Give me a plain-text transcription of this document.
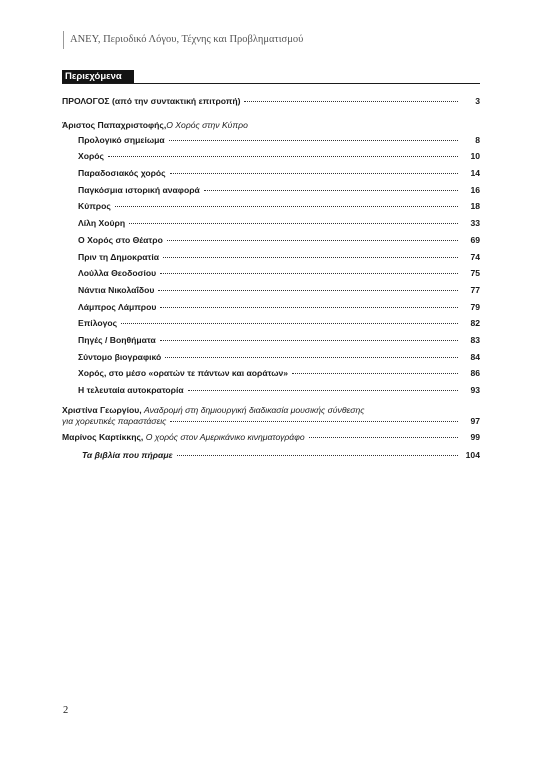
ΑΝΕΥ, Περιοδικό Λόγου, Τέχνης και Προβληματισμού
Περιεχόμενα
ΠΡΟΛΟΓΟΣ (από την συντακτική επιτροπή)	3
Άριστος Παπαχριστοφής, Ο Χορός στην Κύπρο
Προλογικό σημείωμα	8
Χορός	10
Παραδοσιακός χορός	14
Παγκόσμια ιστορική αναφορά	16
Κύπρος	18
Λίλη Χούρη	33
Ο Χορός στο Θέατρο	69
Πριν τη Δημοκρατία	74
Λούλλα Θεοδοσίου	75
Νάντια Νικολαΐδου	77
Λάμπρος Λάμπρου	79
Επίλογος	82
Πηγές / Βοηθήματα	83
Σύντομο βιογραφικό	84
Χορός, στο μέσο «ορατών τε πάντων και αοράτων»	86
Η τελευταία αυτοκρατορία	93
Χριστίνα Γεωργίου, Αναδρομή στη δημιουργική διαδικασία μουσικής σύνθεσης
για χορευτικές παραστάσεις	97
Μαρίνος Καρτίκκης, Ο χορός στον Αμερικάνικο κινηματογράφο	99
Τα βιβλία που πήραμε	104
2
